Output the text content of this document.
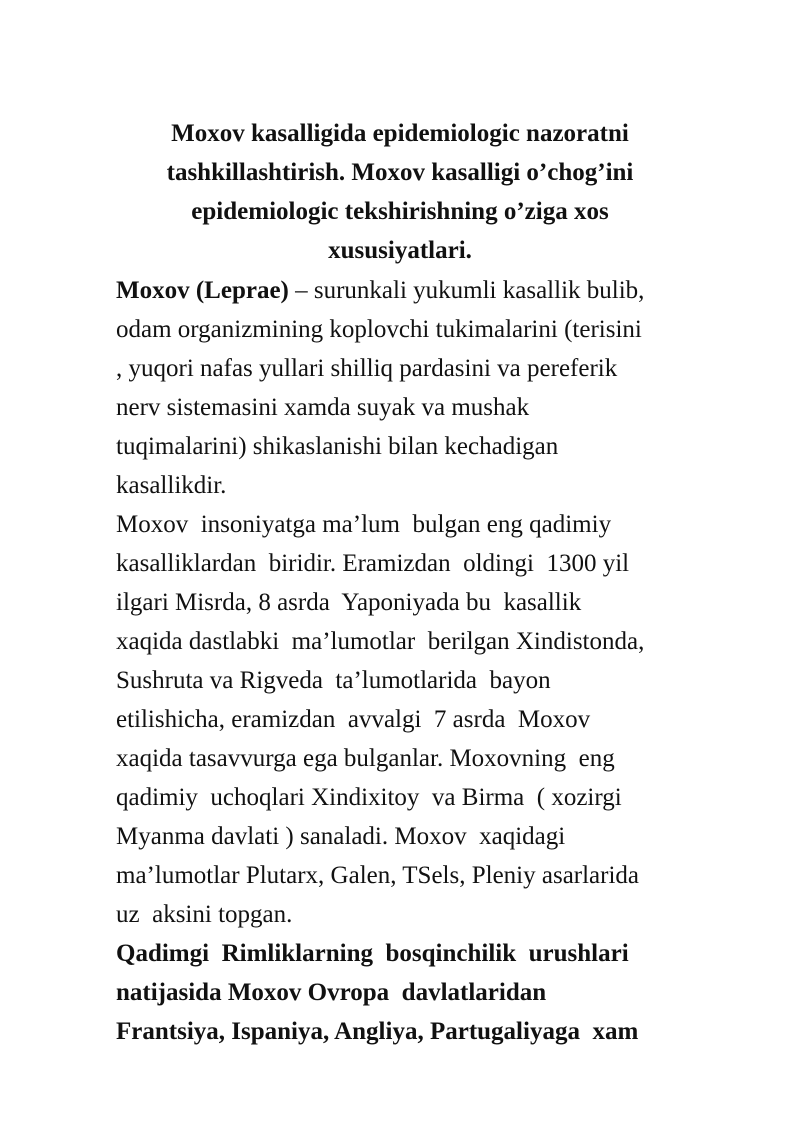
Moxov kasalligida epidemiologic nazoratni
tashkillashtirish. Moxov kasalligi o’chog’ini
epidemiologic tekshirishning o’ziga xos
xususiyatlari.
Moxov (Leprae) – surunkali yukumli kasallik bulib,
odam organizmining koplovchi tukimalarini (terisini
, yuqori nafas yullari shilliq pardasini va pereferik
nerv sistemasini xamda suyak va mushak
tuqimalarini) shikaslanishi bilan kechadigan
kasallikdir.
Moxov  insoniyatga ma’lum  bulgan eng qadimiy
kasalliklardan  biridir. Eramizdan  oldingi  1300 yil
ilgari Misrda, 8 asrda  Yaponiyada bu  kasallik
xaqida dastlabki  ma’lumotlar  berilgan Xindistonda,
Sushruta va Rigveda  ta’lumotlarida  bayon
etilishicha, eramizdan  avvalgi  7 asrda  Moxov
xaqida tasavvurga ega bulganlar. Moxovning  eng
qadimiy  uchoqlari Xindixitoy  va Birma  ( xozirgi
Myanma davlati ) sanaladi. Moxov  xaqidagi
ma’lumotlar Plutarx, Galen, TSels, Pleniy asarlarida
uz  aksini topgan.
Qadimgi  Rimliklarning  bosqinchilik  urushlari
natijasida Moxov Ovropa  davlatlaridan
Frantsiya, Ispaniya, Angliya, Partugaliyaga  xam
